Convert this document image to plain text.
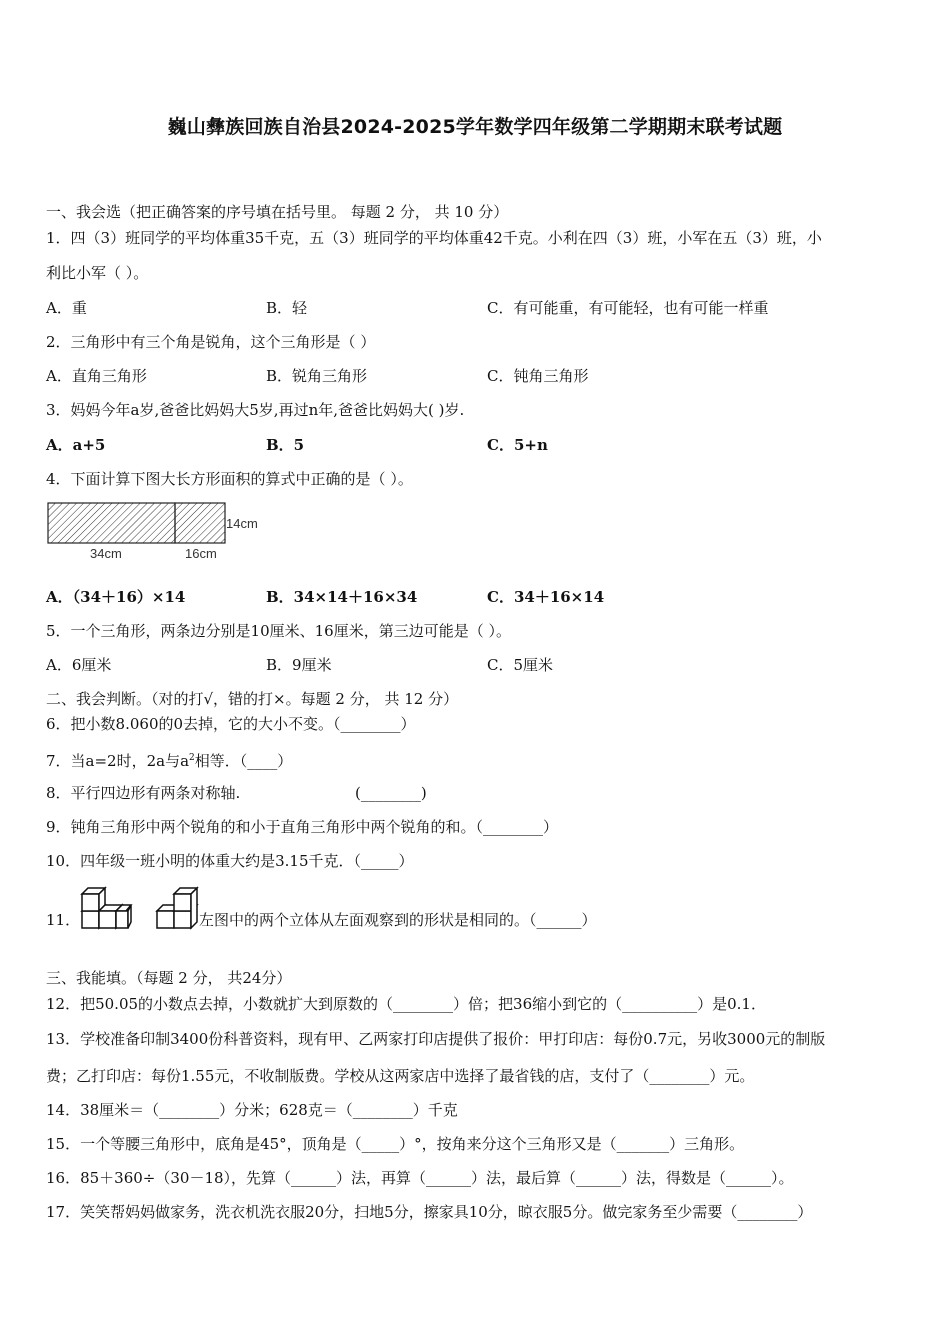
巍山彝族回族自治县2024-2025学年数学四年级第二学期期末联考试题
一、我会选（把正确答案的序号填在括号里。 每题 2 分， 共 10 分）
1．四（3）班同学的平均体重35千克，五（3）班同学的平均体重42千克。小利在四（3）班，小军在五（3）班，小
利比小军（ ）。
A．重	B．轻	C．有可能重，有可能轻，也有可能一样重
2．三角形中有三个角是锐角，这个三角形是（ ）
A．直角三角形	B．锐角三角形	C．钝角三角形
3．妈妈今年a岁,爸爸比妈妈大5岁,再过n年,爸爸比妈妈大( )岁.
A．a+5	B．5	C．5+n
4．下面计算下图大长方形面积的算式中正确的是（ ）。
14cm
34cm	16cm
A．（34＋16）×14	B．34×14＋16×34	C．34＋16×14
5．一个三角形，两条边分别是10厘米、16厘米，第三边可能是（ ）。
A．6厘米	B．9厘米	C．5厘米
二、我会判断。（对的打√，错的打×。每题 2 分， 共 12 分）
6．把小数8.060的0去掉，它的大小不变。（________）
7．当a=2时，2a与$a^2$相等．（____）
8．平行四边形有两条对称轴.	(________)
9．钝角三角形中两个锐角的和小于直角三角形中两个锐角的和。（________）
10．四年级一班小明的体重大约是3.15千克．（_____）
11．	左图中的两个立体从左面观察到的形状是相同的。（______）
三、我能填。（每题 2 分， 共24分）
12．把50.05的小数点去掉，小数就扩大到原数的（________）倍；把36缩小到它的（__________）是0.1．
13．学校准备印制3400份科普资料，现有甲、乙两家打印店提供了报价：甲打印店：每份0.7元，另收3000元的制版
费；乙打印店：每份1.55元，不收制版费。学校从这两家店中选择了最省钱的店，支付了（________）元。
14．38厘米＝（________）分米；628克＝（________）千克
15．一个等腰三角形中，底角是45°，顶角是（_____）°，按角来分这个三角形又是（_______）三角形。
16．85＋360÷（30－18），先算（______）法，再算（______）法，最后算（______）法，得数是（______）。
17．笑笑帮妈妈做家务，洗衣机洗衣服20分，扫地5分，擦家具10分，晾衣服5分。做完家务至少需要（________）
